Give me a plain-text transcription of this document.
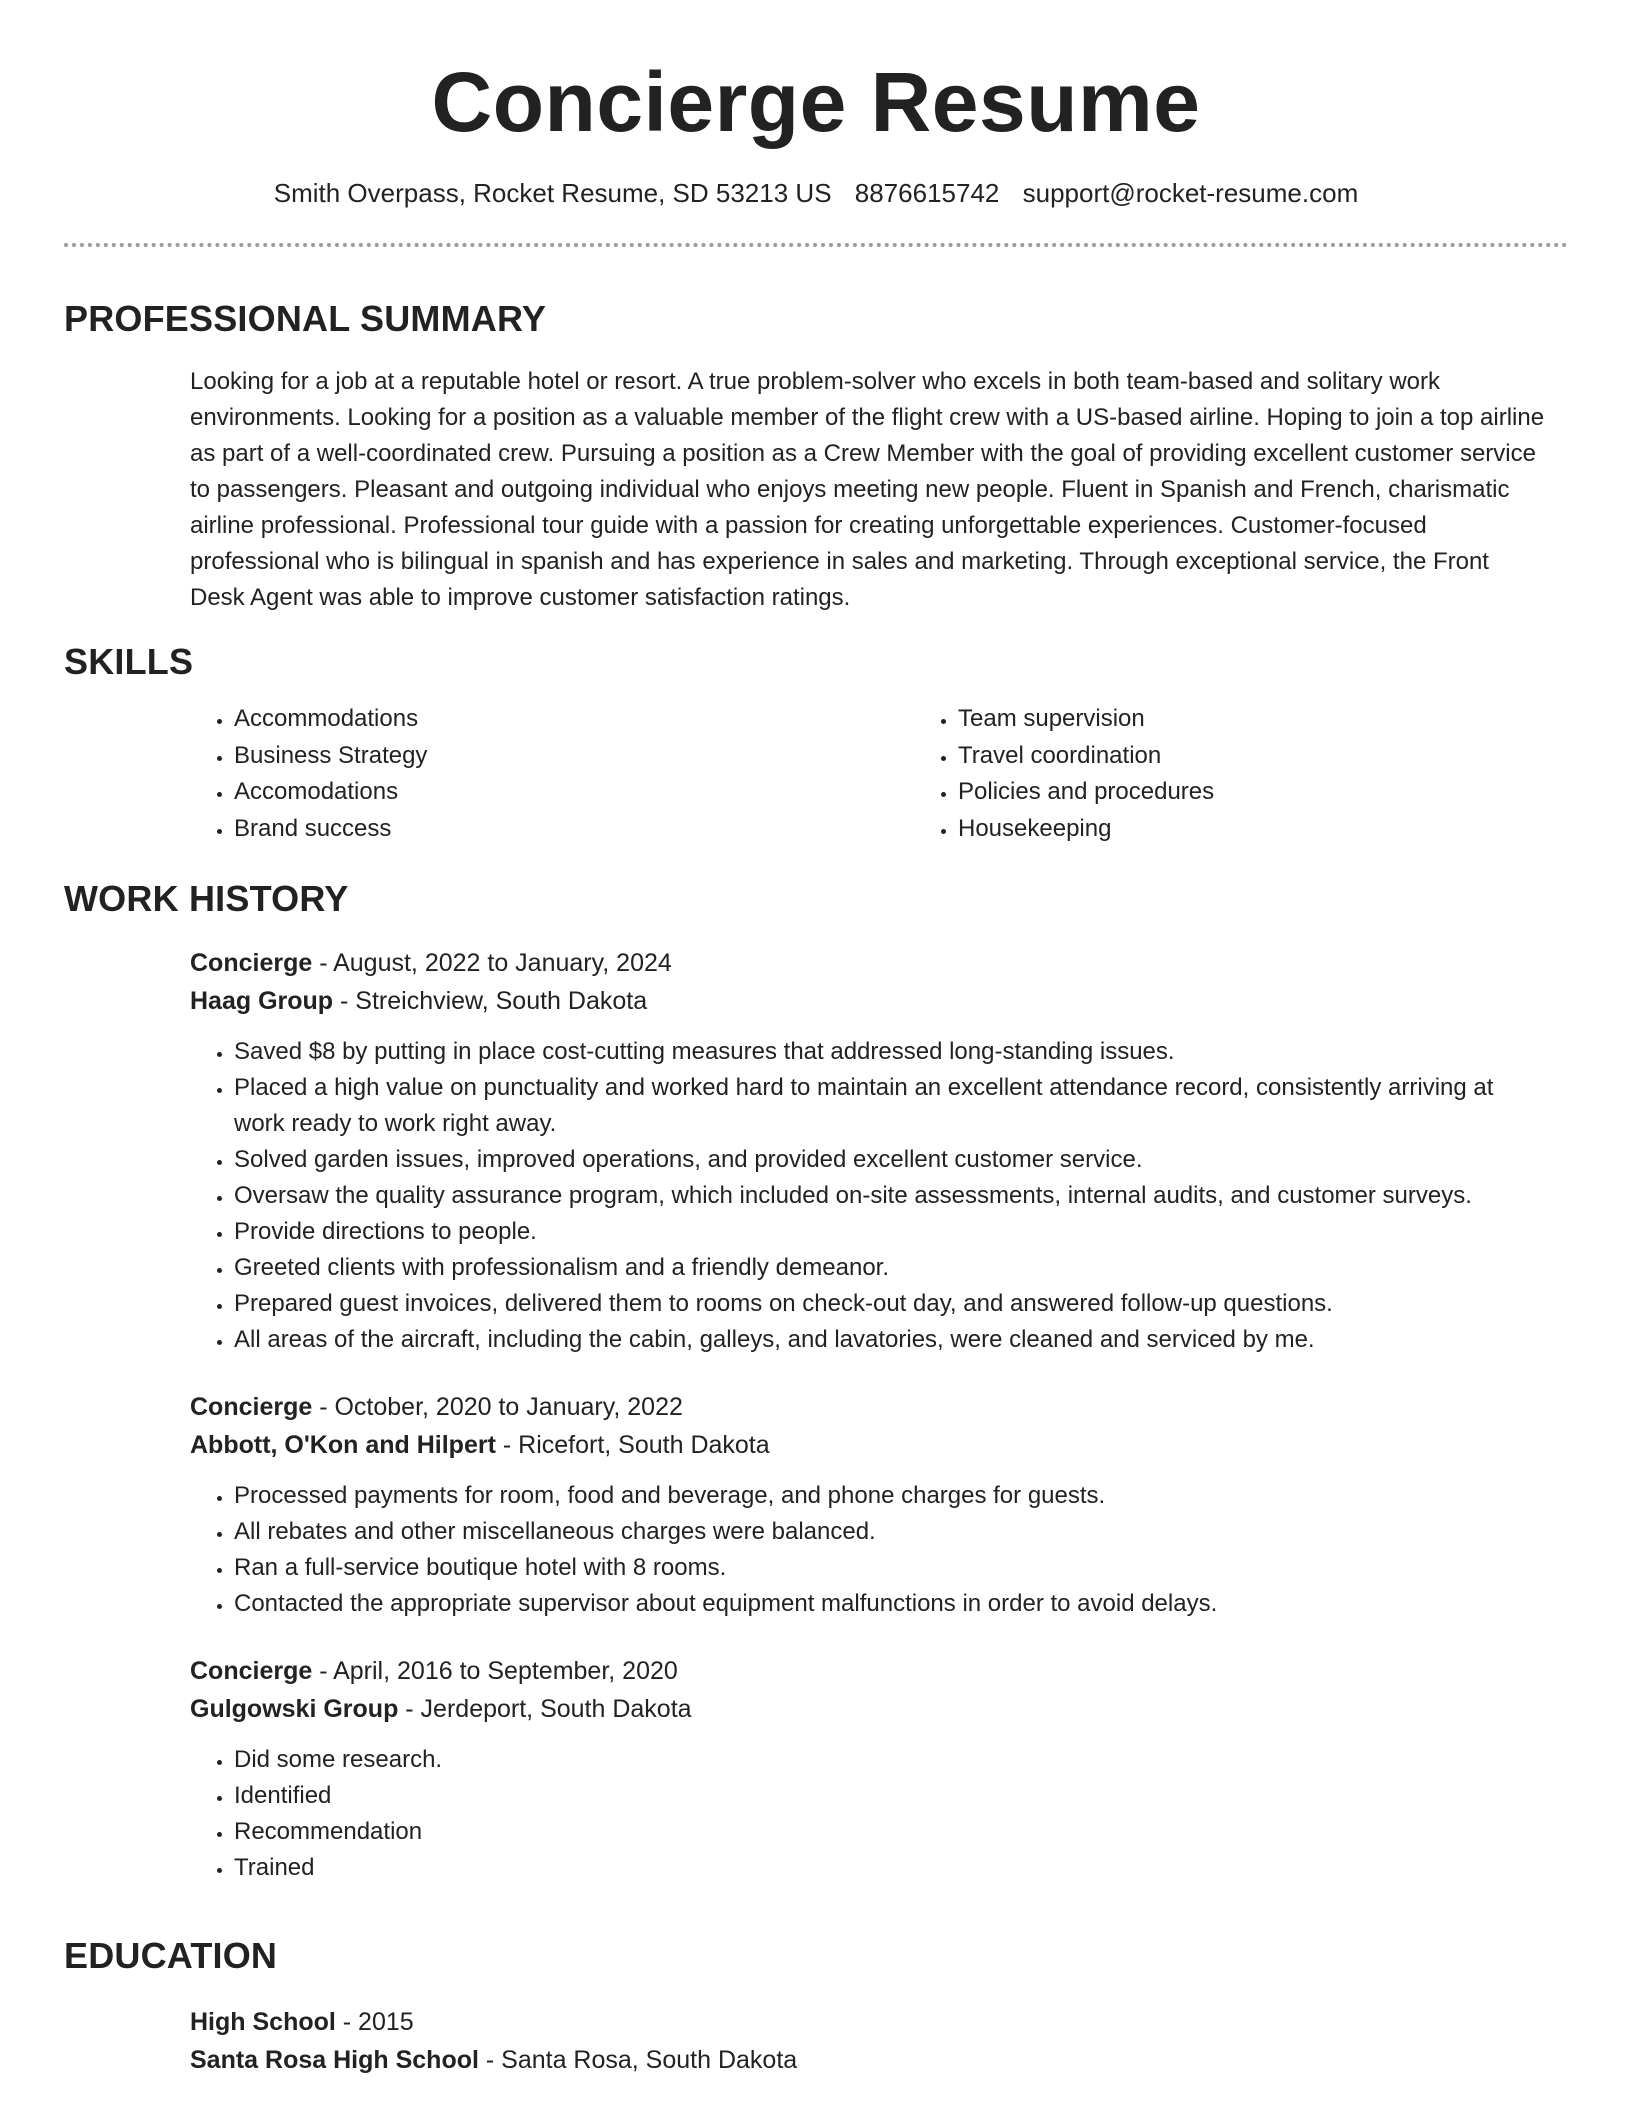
Concierge Resume
Smith Overpass, Rocket Resume, SD 53213 US 8876615742 support@rocket-resume.com
PROFESSIONAL SUMMARY
Looking for a job at a reputable hotel or resort. A true problem-solver who excels in both team-based and solitary work environments. Looking for a position as a valuable member of the flight crew with a US-based airline. Hoping to join a top airline as part of a well-coordinated crew. Pursuing a position as a Crew Member with the goal of providing excellent customer service to passengers. Pleasant and outgoing individual who enjoys meeting new people. Fluent in Spanish and French, charismatic airline professional. Professional tour guide with a passion for creating unforgettable experiences. Customer-focused professional who is bilingual in spanish and has experience in sales and marketing. Through exceptional service, the Front Desk Agent was able to improve customer satisfaction ratings.
SKILLS
• Accommodations
• Business Strategy
• Accomodations
• Brand success
• Team supervision
• Travel coordination
• Policies and procedures
• Housekeeping
WORK HISTORY
Concierge - August, 2022 to January, 2024
Haag Group - Streichview, South Dakota
• Saved $8 by putting in place cost-cutting measures that addressed long-standing issues.
• Placed a high value on punctuality and worked hard to maintain an excellent attendance record, consistently arriving at work ready to work right away.
• Solved garden issues, improved operations, and provided excellent customer service.
• Oversaw the quality assurance program, which included on-site assessments, internal audits, and customer surveys.
• Provide directions to people.
• Greeted clients with professionalism and a friendly demeanor.
• Prepared guest invoices, delivered them to rooms on check-out day, and answered follow-up questions.
• All areas of the aircraft, including the cabin, galleys, and lavatories, were cleaned and serviced by me.
Concierge - October, 2020 to January, 2022
Abbott, O'Kon and Hilpert - Ricefort, South Dakota
• Processed payments for room, food and beverage, and phone charges for guests.
• All rebates and other miscellaneous charges were balanced.
• Ran a full-service boutique hotel with 8 rooms.
• Contacted the appropriate supervisor about equipment malfunctions in order to avoid delays.
Concierge - April, 2016 to September, 2020
Gulgowski Group - Jerdeport, South Dakota
• Did some research.
• Identified
• Recommendation
• Trained
EDUCATION
High School - 2015
Santa Rosa High School - Santa Rosa, South Dakota
